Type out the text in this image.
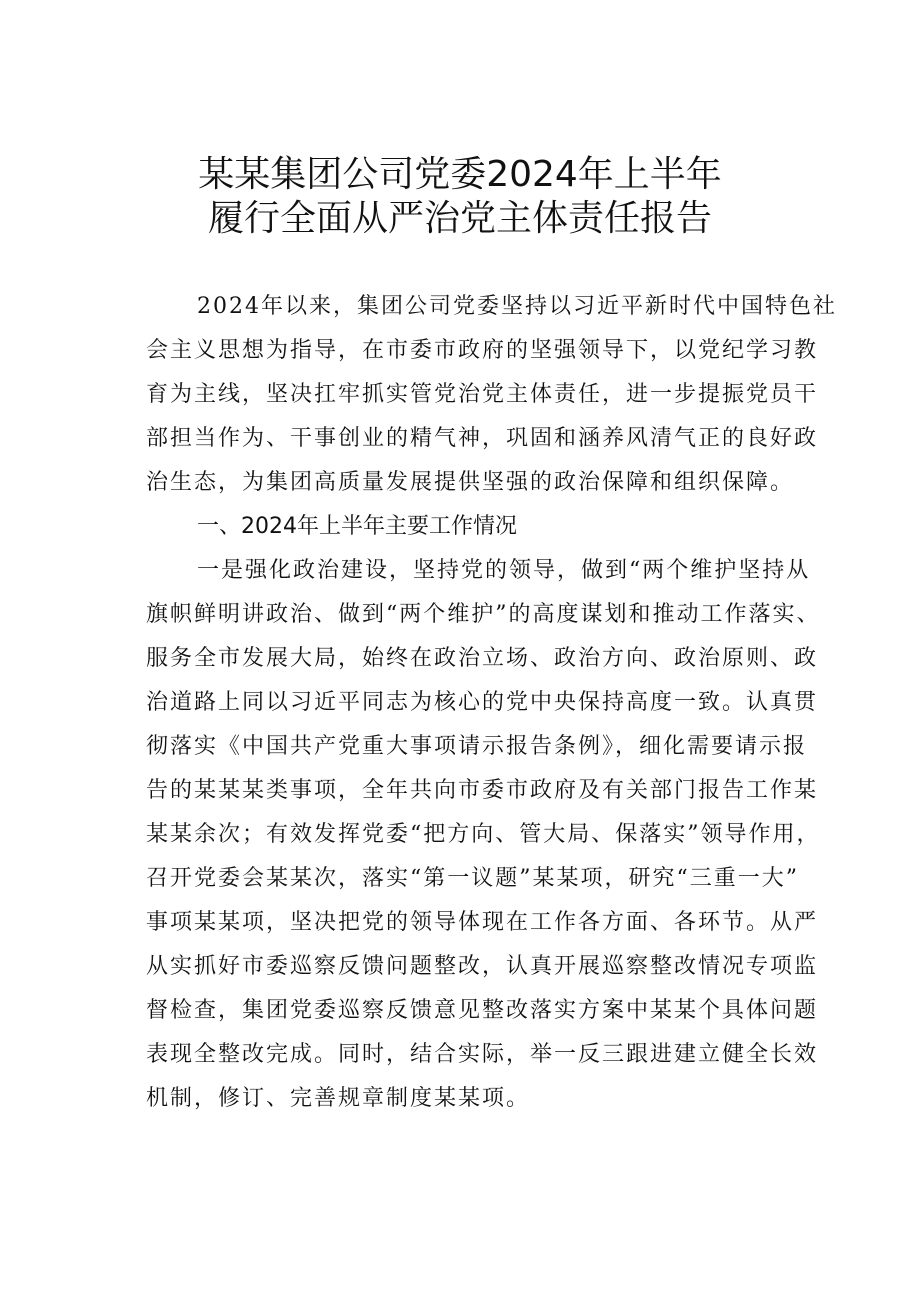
某某集团公司党委2024年上半年
履行全面从严治党主体责任报告
2024年以来，集团公司党委坚持以习近平新时代中国特色社
会主义思想为指导，在市委市政府的坚强领导下，以党纪学习教
育为主线，坚决扛牢抓实管党治党主体责任，进一步提振党员干
部担当作为、干事创业的精气神，巩固和涵养风清气正的良好政
治生态，为集团高质量发展提供坚强的政治保障和组织保障。
一、2024年上半年主要工作情况
一是强化政治建设，坚持党的领导，做到“两个维护坚持从
旗帜鲜明讲政治、做到“两个维护”的高度谋划和推动工作落实、
服务全市发展大局，始终在政治立场、政治方向、政治原则、政
治道路上同以习近平同志为核心的党中央保持高度一致。认真贯
彻落实《中国共产党重大事项请示报告条例》，细化需要请示报
告的某某某类事项，全年共向市委市政府及有关部门报告工作某
某某余次；有效发挥党委“把方向、管大局、保落实”领导作用，
召开党委会某某次，落实“第一议题”某某项，研究“三重一大”
事项某某项，坚决把党的领导体现在工作各方面、各环节。从严
从实抓好市委巡察反馈问题整改，认真开展巡察整改情况专项监
督检查，集团党委巡察反馈意见整改落实方案中某某个具体问题
表现全整改完成。同时，结合实际，举一反三跟进建立健全长效
机制，修订、完善规章制度某某项。
